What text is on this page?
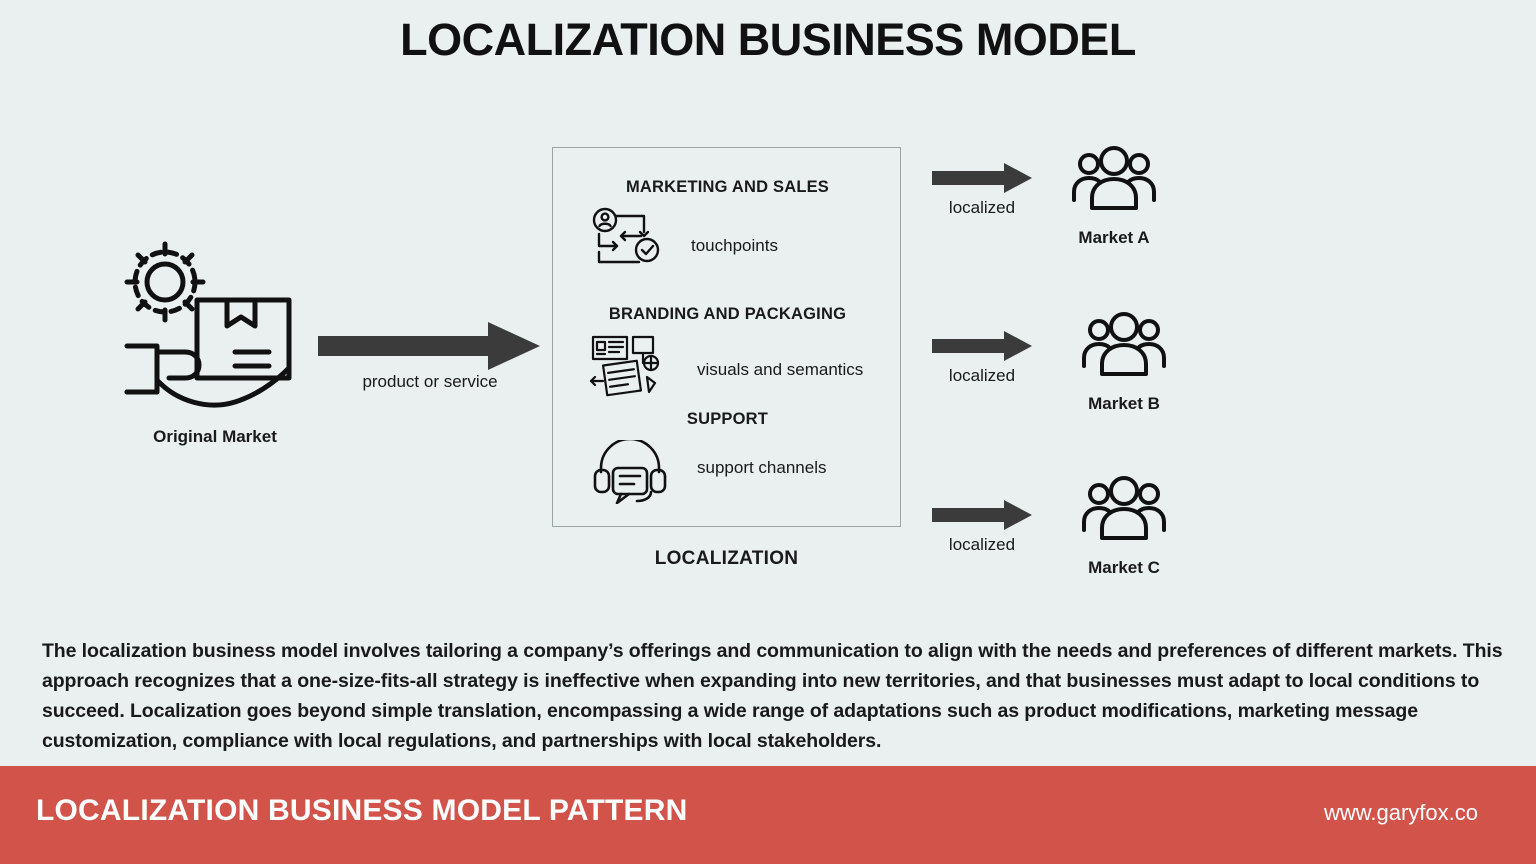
LOCALIZATION BUSINESS MODEL
Original Market
product or service
MARKETING AND SALES
touchpoints
BRANDING AND PACKAGING
visuals and semantics
SUPPORT
support channels
LOCALIZATION
localized
Market A
localized
Market B
localized
Market C
The localization business model involves tailoring a company’s offerings and communication to align with the needs and preferences of different markets. This approach recognizes that a one-size-fits-all strategy is ineffective when expanding into new territories, and that businesses must adapt to local conditions to succeed. Localization goes beyond simple translation, encompassing a wide range of adaptations such as product modifications, marketing message customization, compliance with local regulations, and partnerships with local stakeholders.
LOCALIZATION BUSINESS MODEL PATTERN	www.garyfox.co
